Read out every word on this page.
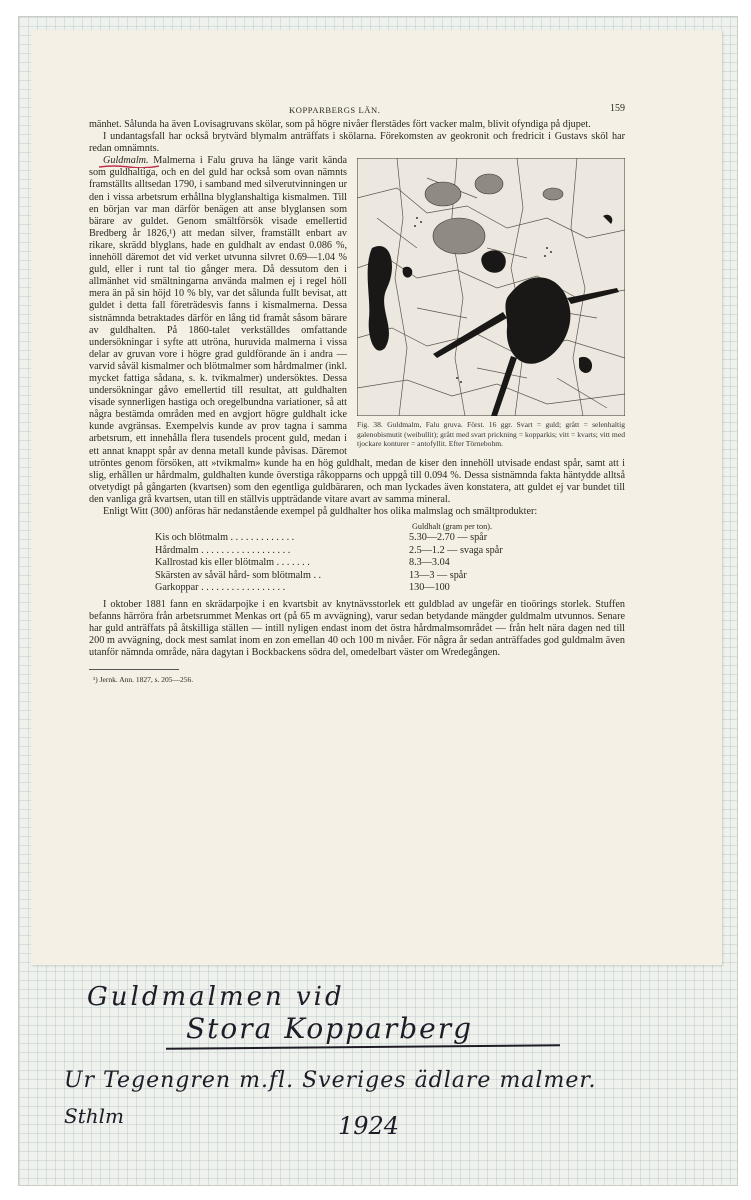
KOPPARBERGS LÄN.	159

mänhet. Sålunda ha även Lovisagruvans skölar, som på högre nivåer flerstädes fört vacker malm, blivit ofyndiga på djupet.

I undantagsfall har också brytvärd blymalm anträffats i skölarna. Förekomsten av geokronit och fredricit i Gustavs sköl har redan omnämnts.

Fig. 38. Guldmalm, Falu gruva. Först. 16 ggr. Svart = guld; grått = selenhaltig galenobismutit (weibullit); grått med svart prickning = kopparkis; vitt = kvarts; vitt med tjockare konturer = antofyllit. Efter Törnebohm.

Guldmalm.
Malmerna i Falu gruva ha länge varit kända som guldhaltiga, och en del guld har också som ovan nämnts framställts alltsedan 1790, i samband med silverutvinningen ur den i vissa arbetsrum erhållna blyglanshaltiga kismalmen. Till en början var man därför benägen att anse blyglansen som bärare av guldet. Genom smältförsök visade emellertid Bredberg år 1826,¹) att medan silver, framställt enbart av rikare, skrädd blyglans, hade en guldhalt av endast 0.086 %, innehöll däremot det vid verket utvunna silvret 0.69—1.04 % guld, eller i runt tal tio gånger mera. Då dessutom den i allmänhet vid smältningarna använda malmen ej i regel höll mera än på sin höjd 10 % bly, var det sålunda fullt bevisat, att guldet i detta fall företrädesvis fanns i kismalmerna. Dessa sistnämnda betraktades därför en lång tid framåt såsom bärare av guldhalten. På 1860-talet verkställdes omfattande undersökningar i syfte att utröna, huruvida malmerna i vissa delar av gruvan vore i högre grad guldförande än i andra — varvid såväl kismalmer och blötmalmer som hårdmalmer (inkl. mycket fattiga sådana, s. k. tvikmalmer) undersöktes. Dessa undersökningar gåvo emellertid till resultat, att guldhalten visade synnerligen hastiga och oregelbundna variationer, så att några bestämda områden med en avgjort högre guldhalt icke kunde avgränsas. Exempelvis kunde av prov tagna i samma arbetsrum, ett innehålla flera tusendels procent guld, medan i ett annat knappt spår av denna metall kunde påvisas. Däremot utröntes genom försöken, att »tvikmalm» kunde ha en hög guldhalt, medan de kiser den innehöll utvisade endast spår, samt att i slig, erhållen ur hårdmalm, guldhalten kunde överstiga råkopparns och uppgå till 0.094 %. Dessa sistnämnda fakta häntydde alltså otvetydigt på gångarten (kvartsen) som den egentliga guldbäraren, och man lyckades även konstatera, att guldet ej var bundet till den vanliga grå kvartsen, utan till en ställvis uppträdande vitare avart av samma mineral.

Enligt Witt (300) anföras här nedanstående exempel på guldhalter hos olika malmslag och smältprodukter:

Guldhalt (gram per ton).
Kis och blötmalm . . . . . . . . . . . . .	5.30—2.70 — spår
Hårdmalm . . . . . . . . . . . . . . . . . .	2.5—1.2 — svaga spår
Kallrostad kis eller blötmalm . . . . . . .	8.3—3.04
Skärsten av såväl hård- som blötmalm . .	13—3 — spår
Garkoppar . . . . . . . . . . . . . . . . .	130—100

I oktober 1881 fann en skrädarpojke i en kvartsbit av knytnävsstorlek ett guldblad av ungefär en tioörings storlek. Stuffen befanns härröra från arbetsrummet Menkas ort (på 65 m avvägning), varur sedan betydande mängder guldmalm utvunnos. Senare har guld anträffats på åtskilliga ställen — intill nyligen endast inom det östra hårdmalmsområdet — från helt nära dagen ned till 200 m avvägning, dock mest samlat inom en zon emellan 40 och 100 m nivåer. För några år sedan anträffades god guldmalm även utanför nämnda område, nära dagytan i Bockbackens södra del, omedelbart väster om Wredegången.

¹) Jernk. Ann. 1827, s. 205—256.
Guldmalmen vid
Stora Kopparberg
Ur Tegengren m.fl. Sveriges ädlare malmer.
Sthlm	1924
